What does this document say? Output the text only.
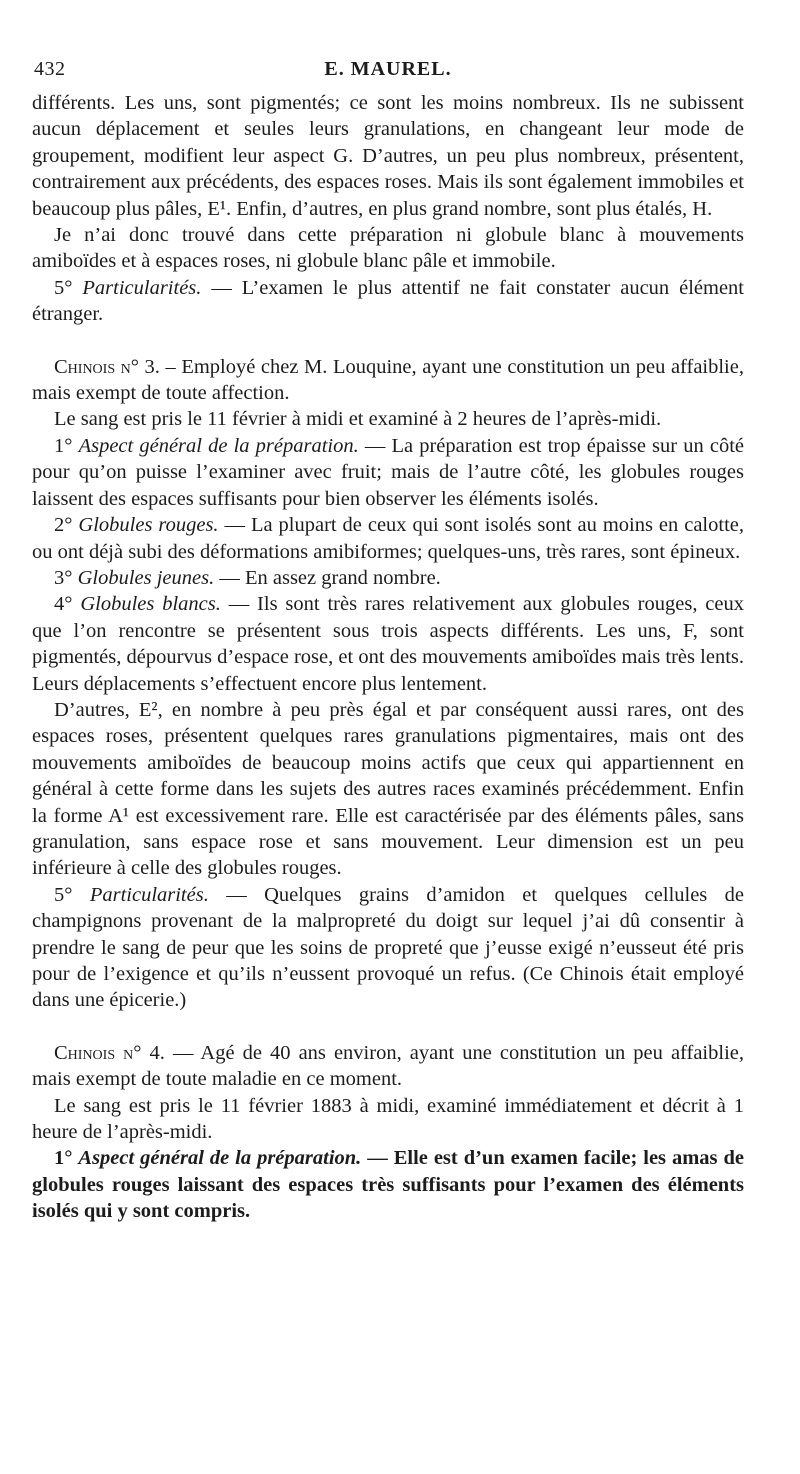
432	E. MAUREL.

différents. Les uns, sont pigmentés; ce sont les moins nombreux. Ils ne subissent aucun déplacement et seules leurs granulations, en changeant leur mode de groupement, modifient leur aspect G. D’autres, un peu plus nombreux, présentent, contrairement aux précédents, des espaces roses. Mais ils sont également immobiles et beaucoup plus pâles, E¹. Enfin, d’autres, en plus grand nombre, sont plus étalés, H.

Je n’ai donc trouvé dans cette préparation ni globule blanc à mouvements amiboïdes et à espaces roses, ni globule blanc pâle et immobile.

5° Particularités. — L’examen le plus attentif ne fait constater aucun élément étranger.

Chinois n° 3. – Employé chez M. Louquine, ayant une constitution un peu affaiblie, mais exempt de toute affection.

Le sang est pris le 11 février à midi et examiné à 2 heures de l’après-midi.

1° Aspect général de la préparation. — La préparation est trop épaisse sur un côté pour qu’on puisse l’examiner avec fruit; mais de l’autre côté, les globules rouges laissent des espaces suffisants pour bien observer les éléments isolés.

2° Globules rouges. — La plupart de ceux qui sont isolés sont au moins en calotte, ou ont déjà subi des déformations amibiformes; quelques-uns, très rares, sont épineux.

3° Globules jeunes. — En assez grand nombre.

4° Globules blancs. — Ils sont très rares relativement aux globules rouges, ceux que l’on rencontre se présentent sous trois aspects différents. Les uns, F, sont pigmentés, dépourvus d’espace rose, et ont des mouvements amiboïdes mais très lents. Leurs déplacements s’effectuent encore plus lentement.

D’autres, E², en nombre à peu près égal et par conséquent aussi rares, ont des espaces roses, présentent quelques rares granulations pigmentaires, mais ont des mouvements amiboïdes de beaucoup moins actifs que ceux qui appartiennent en général à cette forme dans les sujets des autres races examinés précédemment. Enfin la forme A¹ est excessivement rare. Elle est caractérisée par des éléments pâles, sans granulation, sans espace rose et sans mouvement. Leur dimension est un peu inférieure à celle des globules rouges.

5° Particularités. — Quelques grains d’amidon et quelques cellules de champignons provenant de la malpropreté du doigt sur lequel j’ai dû consentir à prendre le sang de peur que les soins de propreté que j’eusse exigé n’eusseut été pris pour de l’exigence et qu’ils n’eussent provoqué un refus. (Ce Chinois était employé dans une épicerie.)

Chinois n° 4. — Agé de 40 ans environ, ayant une constitution un peu affaiblie, mais exempt de toute maladie en ce moment.

Le sang est pris le 11 février 1883 à midi, examiné immédiatement et décrit à 1 heure de l’après-midi.

1° Aspect général de la préparation. — Elle est d’un examen facile; les amas de globules rouges laissant des espaces très suffisants pour l’examen des éléments isolés qui y sont compris.
